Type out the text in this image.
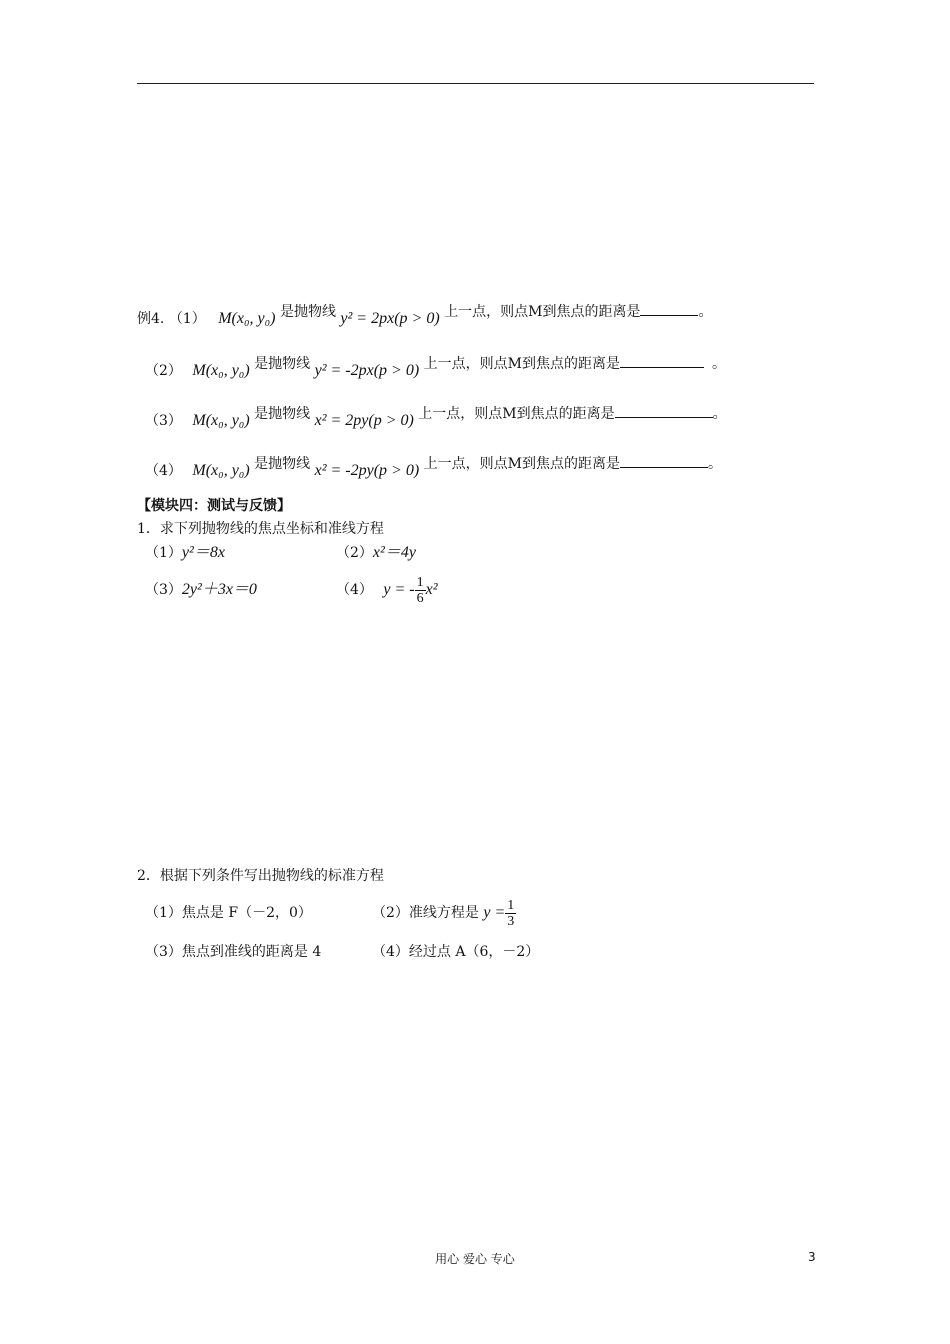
例4. （1） M(x₀, y₀) 是抛物线 y² = 2px(p > 0) 上一点，则点M到焦点的距离是	。
（2） M(x₀, y₀) 是抛物线 y² = -2px(p > 0) 上一点，则点M到焦点的距离是	。
（3） M(x₀, y₀) 是抛物线 x² = 2py(p > 0) 上一点，则点M到焦点的距离是	。
（4） M(x₀, y₀) 是抛物线 x² = -2py(p > 0) 上一点，则点M到焦点的距离是	。
【模块四：测试与反馈】
1．求下列抛物线的焦点坐标和准线方程
（1）y²＝8x	（2）x²＝4y
（3）2y²＋3x＝0	（4） y = - $\frac{1}{6} x^2$
2．根据下列条件写出抛物线的标准方程
（1）焦点是 F（－2，0）	（2）准线方程是 $y = \frac{1}{3}$
（3）焦点到准线的距离是 4	（4）经过点 A（6，－2）
用心 爱心 专心	3
